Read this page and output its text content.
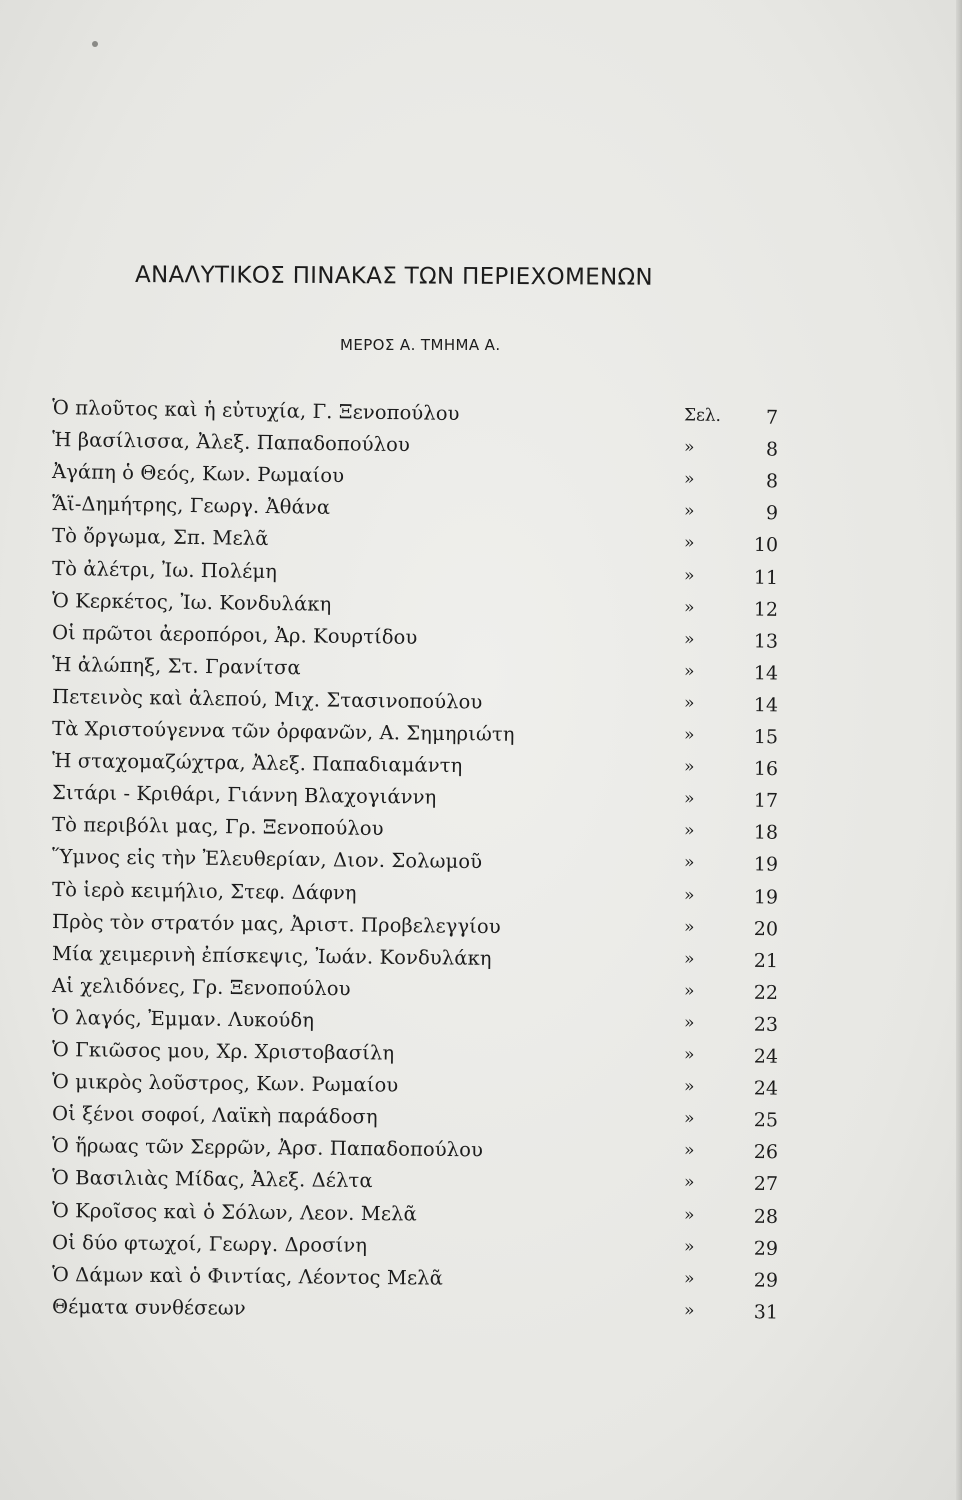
ΑΝΑΛΥΤΙΚΟΣ ΠΙΝΑΚΑΣ ΤΩΝ ΠΕΡΙΕΧΟΜΕΝΩΝ
ΜΕΡΟΣ Α. ΤΜΗΜΑ Α.
Ὁ πλοῦτος καὶ ἡ εὐτυχία, Γ. Ξενοπούλου	Σελ.	7
Ἡ βασίλισσα, Ἀλεξ. Παπαδοπούλου	»	8
Ἀγάπη ὁ Θεός, Κων. Ρωμαίου	»	8
Ἅϊ-Δημήτρης, Γεωργ. Ἀθάνα	»	9
Τὸ ὄργωμα, Σπ. Μελᾶ	»	10
Τὸ ἀλέτρι, Ἰω. Πολέμη	»	11
Ὁ Κερκέτος, Ἰω. Κονδυλάκη	»	12
Οἱ πρῶτοι ἀεροπόροι, Ἀρ. Κουρτίδου	»	13
Ἡ ἀλώπηξ, Στ. Γρανίτσα	»	14
Πετεινὸς καὶ ἀλεπού, Μιχ. Στασινοπούλου	»	14
Τὰ Χριστούγεννα τῶν ὀρφανῶν, Α. Σημηριώτη	»	15
Ἡ σταχομαζώχτρα, Ἀλεξ. Παπαδιαμάντη	»	16
Σιτάρι - Κριθάρι, Γιάννη Βλαχογιάννη	»	17
Τὸ περιβόλι μας, Γρ. Ξενοπούλου	»	18
Ὕμνος εἰς τὴν Ἐλευθερίαν, Διον. Σολωμοῦ	»	19
Τὸ ἱερὸ κειμήλιο, Στεφ. Δάφνη	»	19
Πρὸς τὸν στρατόν μας, Ἀριστ. Προβελεγγίου	»	20
Μία χειμερινὴ ἐπίσκεψις, Ἰωάν. Κονδυλάκη	»	21
Αἱ χελιδόνες, Γρ. Ξενοπούλου	»	22
Ὁ λαγός, Ἐμμαν. Λυκούδη	»	23
Ὁ Γκιῶσος μου, Χρ. Χριστοβασίλη	»	24
Ὁ μικρὸς λοῦστρος, Κων. Ρωμαίου	»	24
Οἱ ξένοι σοφοί, Λαϊκὴ παράδοση	»	25
Ὁ ἥρωας τῶν Σερρῶν, Ἀρσ. Παπαδοπούλου	»	26
Ὁ Βασιλιὰς Μίδας, Ἀλεξ. Δέλτα	»	27
Ὁ Κροῖσος καὶ ὁ Σόλων, Λεον. Μελᾶ	»	28
Οἱ δύο φτωχοί, Γεωργ. Δροσίνη	»	29
Ὁ Δάμων καὶ ὁ Φιντίας, Λέοντος Μελᾶ	»	29
Θέματα συνθέσεων	»	31
